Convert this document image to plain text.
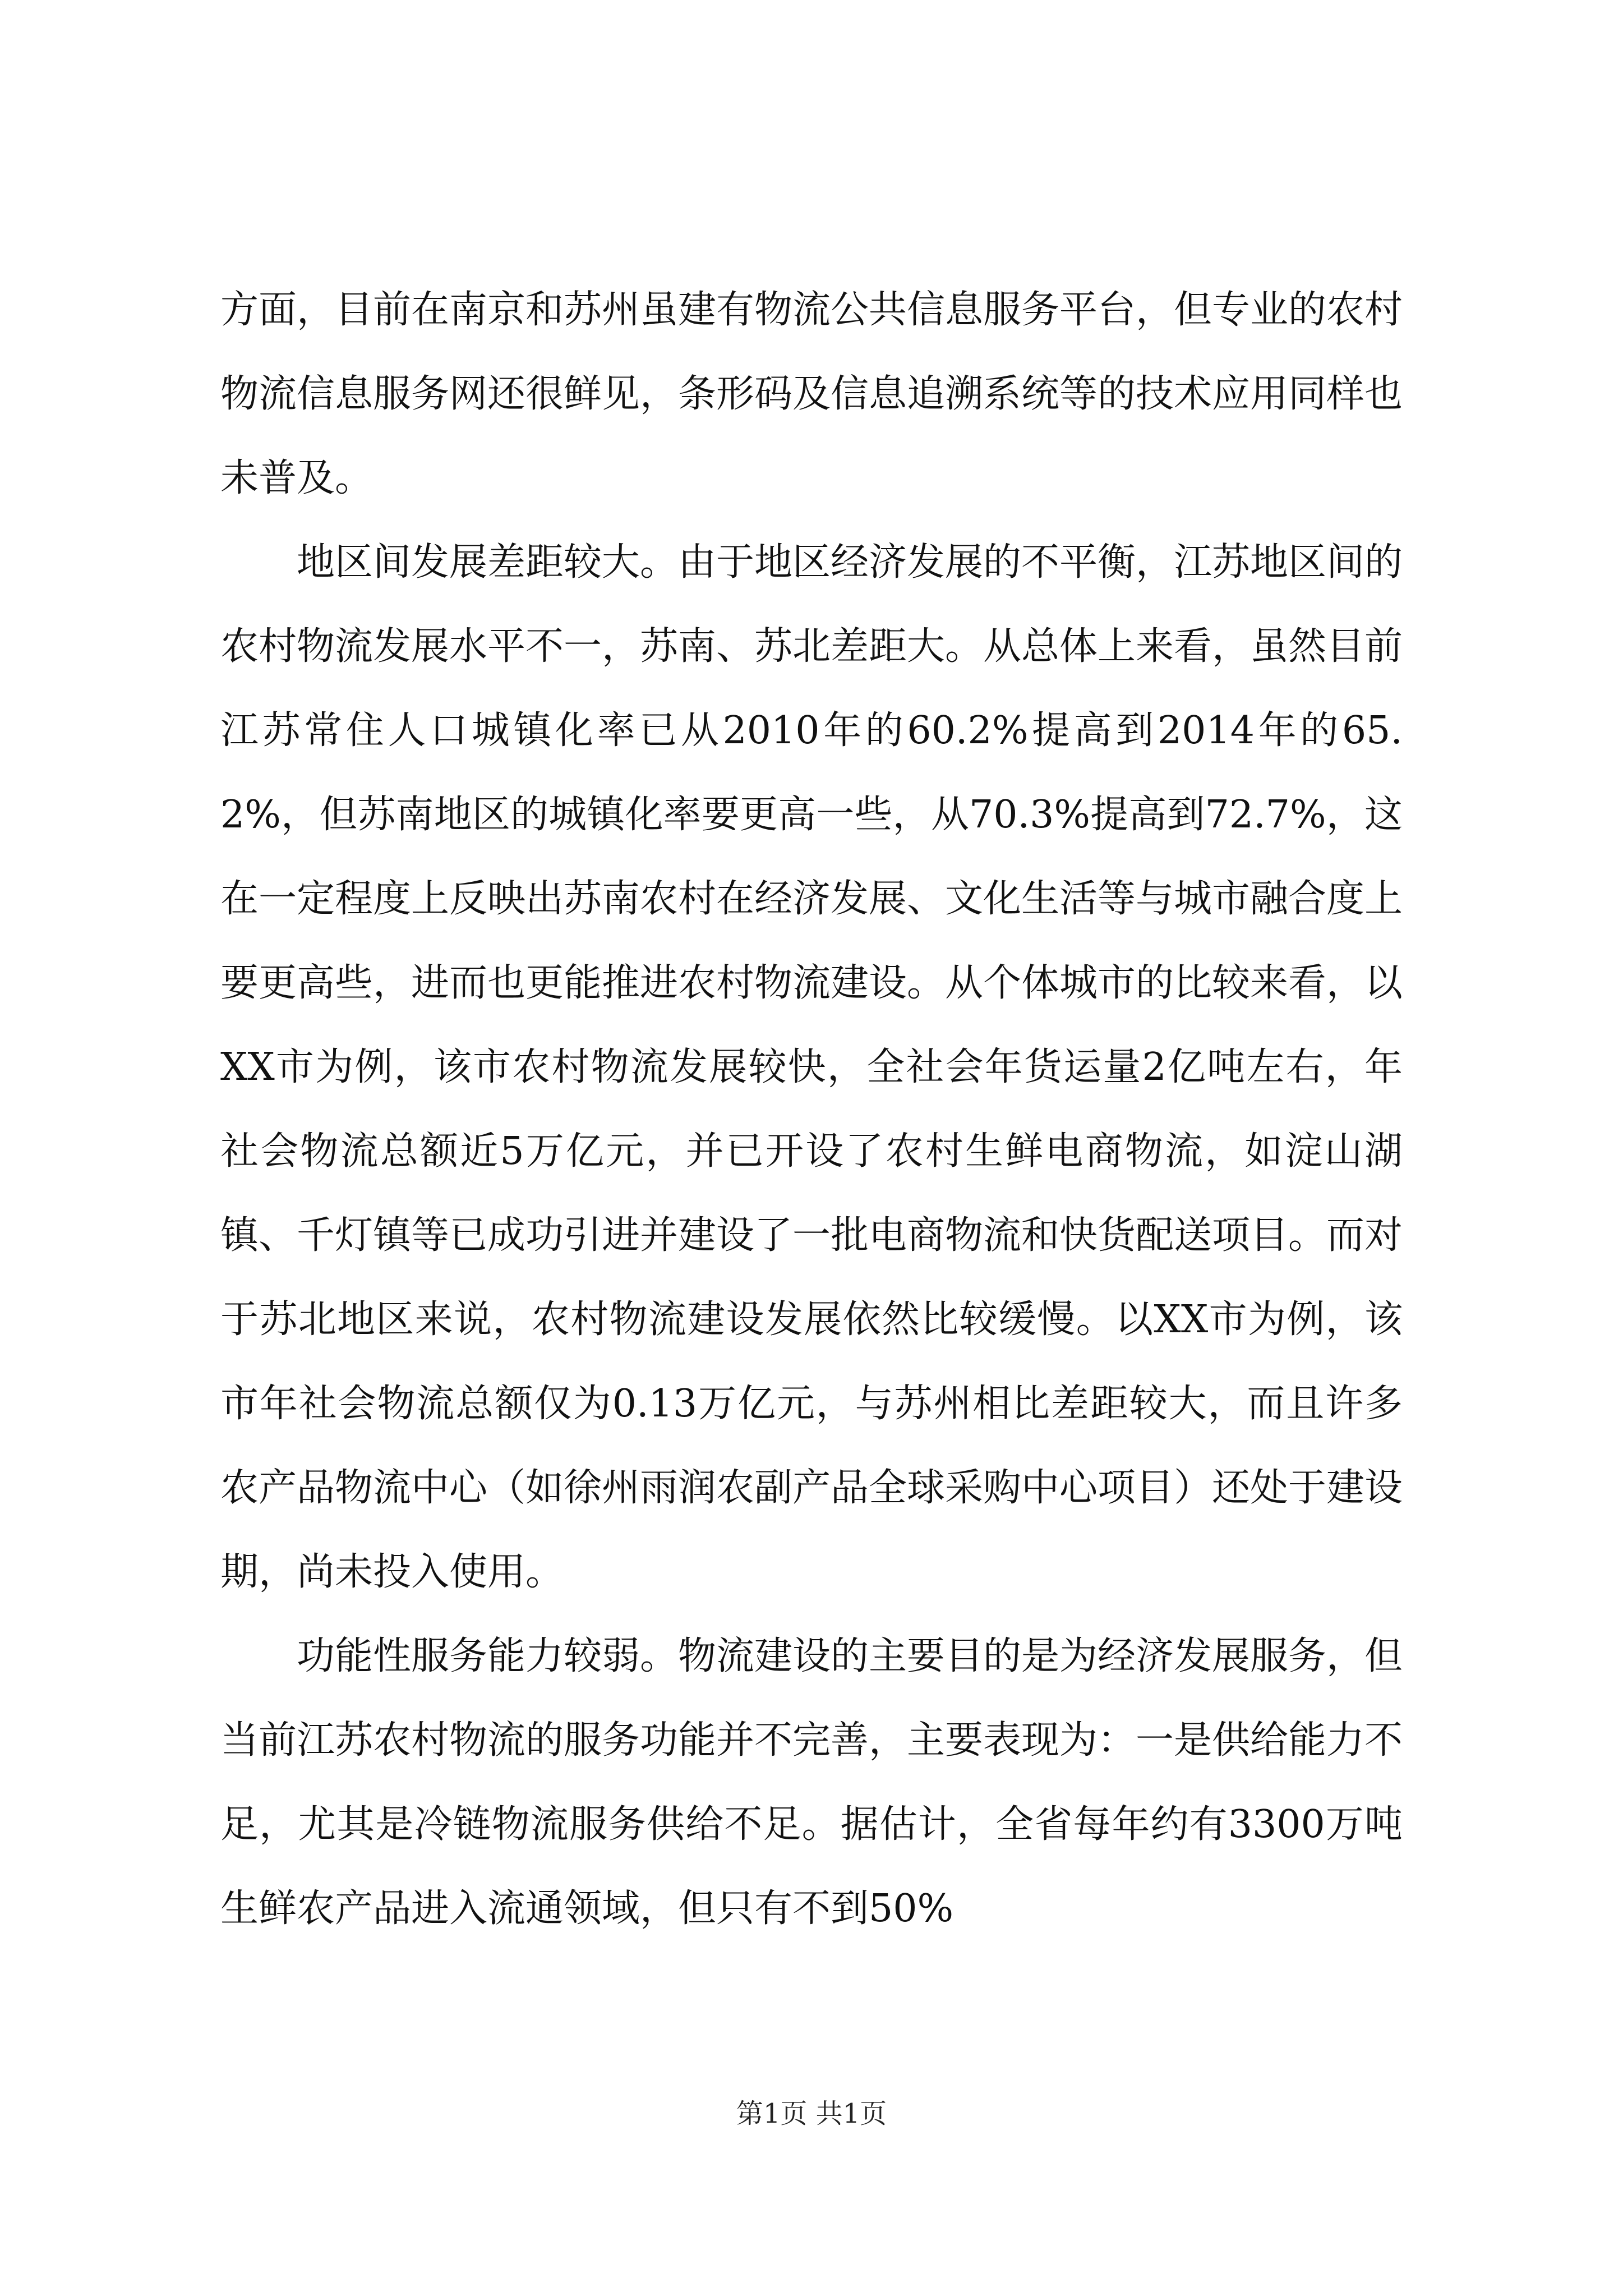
方面，目前在南京和苏州虽建有物流公共信息服务平台，但专业的农村物流信息服务网还很鲜见，条形码及信息追溯系统等的技术应用同样也未普及。

地区间发展差距较大。由于地区经济发展的不平衡，江苏地区间的农村物流发展水平不一，苏南、苏北差距大。从总体上来看，虽然目前江苏常住人口城镇化率已从2010年的60.2%提高到2014年的65.2%，但苏南地区的城镇化率要更高一些，从70.3%提高到72.7%，这在一定程度上反映出苏南农村在经济发展、文化生活等与城市融合度上要更高些，进而也更能推进农村物流建设。从个体城市的比较来看，以XX市为例，该市农村物流发展较快，全社会年货运量2亿吨左右，年社会物流总额近5万亿元，并已开设了农村生鲜电商物流，如淀山湖镇、千灯镇等已成功引进并建设了一批电商物流和快货配送项目。而对于苏北地区来说，农村物流建设发展依然比较缓慢。以XX市为例，该市年社会物流总额仅为0.13万亿元，与苏州相比差距较大，而且许多农产品物流中心（如徐州雨润农副产品全球采购中心项目）还处于建设期，尚未投入使用。

功能性服务能力较弱。物流建设的主要目的是为经济发展服务，但当前江苏农村物流的服务功能并不完善，主要表现为：一是供给能力不足，尤其是冷链物流服务供给不足。据估计，全省每年约有3300万吨生鲜农产品进入流通领域，但只有不到50%

第1页 共1页
